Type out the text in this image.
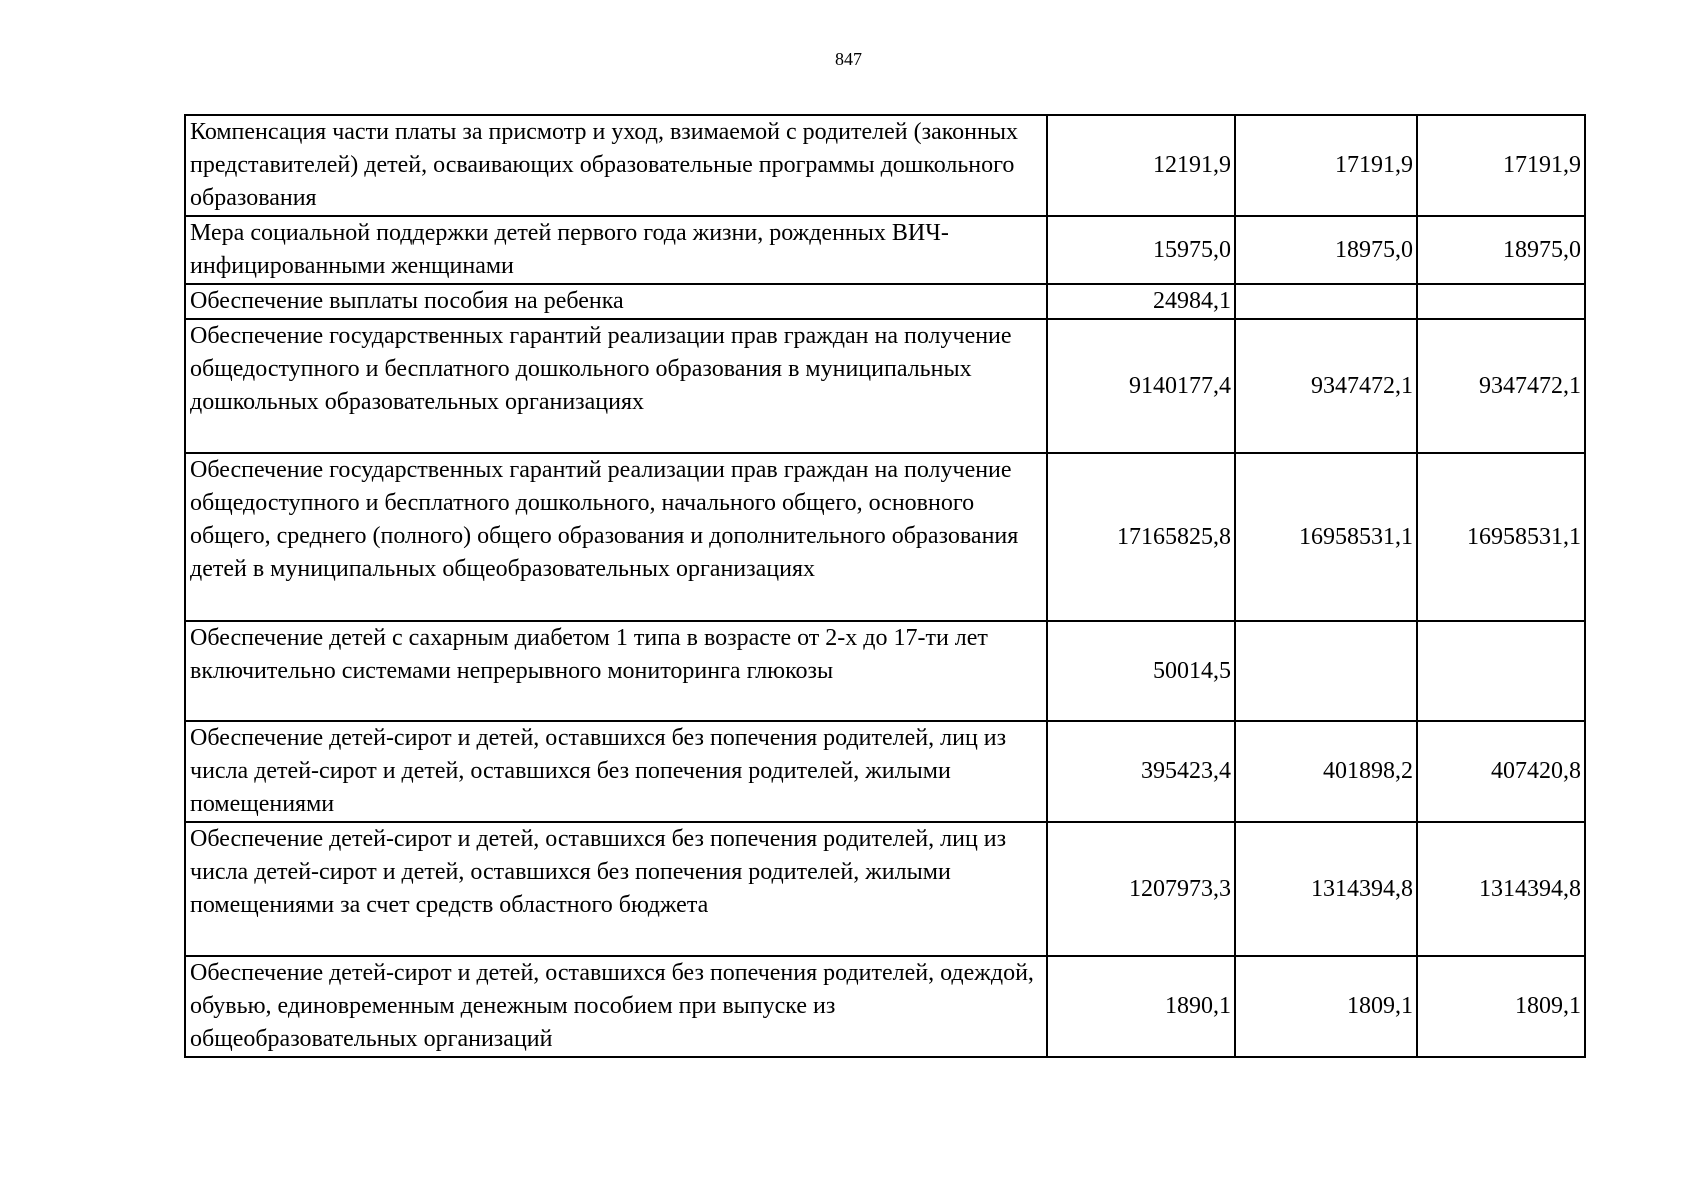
847
Компенсация части платы за присмотр и уход, взимаемой с родителей (законных представителей) детей, осваивающих образовательные программы дошкольного образования	12191,9	17191,9	17191,9
Мера социальной поддержки детей первого года жизни, рожденных ВИЧ-инфицированными женщинами	15975,0	18975,0	18975,0
Обеспечение выплаты пособия на ребенка	24984,1		
Обеспечение государственных гарантий реализации прав граждан на получение общедоступного и бесплатного дошкольного образования в муниципальных дошкольных образовательных организациях	9140177,4	9347472,1	9347472,1
Обеспечение государственных гарантий реализации прав граждан на получение общедоступного и бесплатного дошкольного, начального общего, основного общего, среднего (полного) общего образования и дополнительного образования детей в муниципальных общеобразовательных организациях	17165825,8	16958531,1	16958531,1
Обеспечение детей с сахарным диабетом 1 типа в возрасте от 2-х до 17-ти лет включительно системами непрерывного мониторинга глюкозы	50014,5		
Обеспечение детей-сирот и детей, оставшихся без попечения родителей, лиц из числа детей-сирот и детей, оставшихся без попечения родителей, жилыми помещениями	395423,4	401898,2	407420,8
Обеспечение детей-сирот и детей, оставшихся без попечения родителей, лиц из числа детей-сирот и детей, оставшихся без попечения родителей, жилыми помещениями за счет средств областного бюджета	1207973,3	1314394,8	1314394,8
Обеспечение детей-сирот и детей, оставшихся без попечения родителей, одеждой, обувью, единовременным денежным пособием при выпуске из общеобразовательных организаций	1890,1	1809,1	1809,1
